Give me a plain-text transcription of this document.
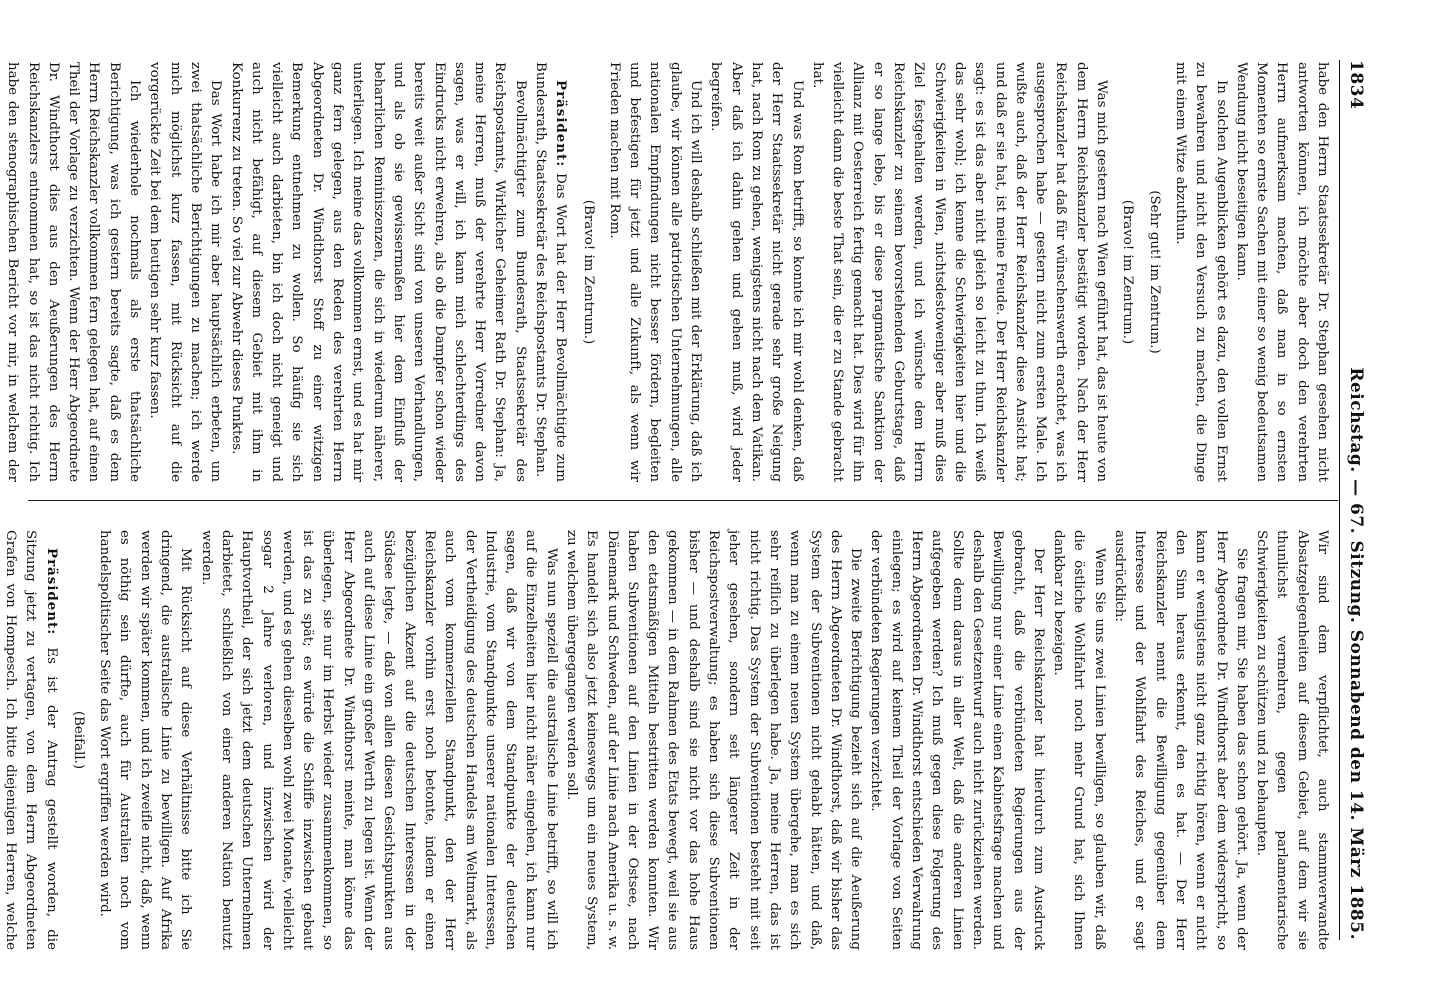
1834
Reichstag. — 67. Sitzung. Sonnabend den 14. März 1885.

habe den Herrn Staatssekretär Dr. Stephan gesehen nicht antworten können, ich möchte aber doch den verehrten Herrn aufmerksam machen, daß man in so ernsten Momenten so ernste Sachen mit einer so wenig bedeutsamen Wendung nicht beseitigen kann.

In solchen Augenblicken gehört es dazu, den vollen Ernst zu bewahren und nicht den Versuch zu machen, die Dinge mit einem Witze abzuthun.

(Sehr gut! im Zentrum.)

(Bravo! im Zentrum.)

Was mich gestern nach Wien geführt hat, das ist heute von dem Herrn Reichskanzler bestätigt worden. Nach der Herr Reichskanzler hat daß für wünschenswerth erachtet, was ich ausgesprochen habe — gestern nicht zum ersten Male. Ich wußte auch, daß der Herr Reichskanzler diese Ansicht hat; und daß er sie hat, ist meine Freude. Der Herr Reichskanzler sagt: es ist das aber nicht gleich so leicht zu thun. Ich weiß das sehr wohl; ich kenne die Schwierigkeiten hier und die Schwierigkeiten in Wien, nichtsdestoweniger aber muß dies Ziel festgehalten werden, und ich wünsche dem Herrn Reichskanzler zu seinem bevorstehenden Geburtstage, daß er so lange lebe, bis er diese pragmatische Sanktion der Allianz mit Oesterreich fertig gemacht hat. Dies wird für ihn vielleicht dann die beste That sein, die er zu Stande gebracht hat.

Und was Rom betrifft, so konnte ich mir wohl denken, daß der Herr Staatssekretär nicht gerade sehr große Neigung hat, nach Rom zu gehen, wenigstens nicht nach dem Vatikan. Aber daß ich dahin gehen und gehen muß, wird jeder begreifen.

Und ich will deshalb schließen mit der Erklärung, daß ich glaube, wir können alle patriotischen Unternehmungen, alle nationalen Empfindungen nicht besser fördern, begleiten und befestigen für jetzt und alle Zukunft, als wenn wir Frieden machen mit Rom.

(Bravo! im Zentrum.)

Präsident: Das Wort hat der Herr Bevollmächtigte zum Bundesrath, Staatssekretär des Reichspostamts Dr. Stephan.

Bevollmächtigter zum Bundesrath, Staatssekretär des Reichspostamts, Wirklicher Geheimer Rath Dr. Stephan: Ja, meine Herren, muß der verehrte Herr Vorredner davon sagen, was er will, ich kann mich schlechterdings des Eindrucks nicht erwehren, als ob die Dampfer schon wieder bereits weit außer Sicht sind von unseren Verhandlungen, und als ob sie gewissermaßen hier dem Einfluß der beharrlichen Reminiszenzen, die sich in wiederum näherer, unterliegen. Ich meine das vollkommen ernst, und es hat mir ganz fern gelegen, aus den Reden des verehrten Herrn Abgeordneten Dr. Windthorst Stoff zu einer witzigen Bemerkung entnehmen zu wollen. So häufig sie sich vielleicht auch darbieten, bin ich doch nicht geneigt und auch nicht befähigt, auf diesem Gebiet mit ihm in Konkurrenz zu treten. So viel zur Abwehr dieses Punktes.

Das Wort habe ich mir aber hauptsächlich erbeten, um zwei thatsächliche Berichtigungen zu machen; ich werde mich möglichst kurz fassen, mit Rücksicht auf die vorgerückte Zeit bei dem heutigen sehr kurz fassen.

Ich wiederhole nochmals als erste thatsächliche Berichtigung, was ich gestern bereits sagte, daß es dem Herrn Reichskanzler vollkommen fern gelegen hat, auf einen Theil der Vorlage zu verzichten. Wenn der Herr Abgeordnete Dr. Windthorst dies aus den Aeußerungen des Herrn Reichskanzlers entnommen hat, so ist das nicht richtig. Ich habe den stenographischen Bericht vor mir, in welchem der

Wir sind dem verpflichtet, auch stammverwandte Absatzgelegenheiten auf diesem Gebiet, auf dem wir sie thunlichst vermehren, gegen parlamentarische Schwierigkeiten zu schützen und zu behaupten.

Sie fragen mir, Sie haben das schon gehört. Ja, wenn der Herr Abgeordnete Dr. Windthorst aber dem widerspricht, so kann er wenigstens nicht ganz richtig hören, wenn er nicht den Sinn heraus erkennt, den es hat. — Der Herr Reichskanzler nennt die Bewilligung gegenüber dem Interesse und der Wohlfahrt des Reiches, und er sagt ausdrücklich:

Wenn Sie uns zwei Linien bewilligen, so glauben wir, daß die östliche Wohlfahrt noch mehr Grund hat, sich Ihnen dankbar zu bezeigen.

Der Herr Reichskanzler hat hierdurch zum Ausdruck gebracht, daß die verbündeten Regierungen aus der Bewilligung nur einer Linie einen Kabinetsfrage machen und deshalb den Gesetzentwurf auch nicht zurückziehen werden. Sollte denn daraus in aller Welt, daß die anderen Linien aufgegeben werden? Ich muß gegen diese Folgerung des Herrn Abgeordneten Dr. Windthorst entschieden Verwahrung einlegen; es wird auf keinem Theil der Vorlage von Seiten der verbündeten Regierungen verzichtet.

Die zweite Berichtigung bezieht sich auf die Aeußerung des Herrn Abgeordneten Dr. Windthorst, daß wir bisher das System der Subventionen nicht gehabt hätten, und daß, wenn man zu einem neuen System übergehe, man es sich sehr reiflich zu überlegen habe. Ja, meine Herren, das ist nicht richtig. Das System der Subventionen besteht mit seit jeher gesehen, sondern seit längerer Zeit in der Reichspostverwaltung; es haben sich diese Subventionen bisher — und deshalb sind sie nicht vor das hohe Haus gekommen — in dem Rahmen des Etats bewegt, weil sie aus den etatsmäßigen Mitteln bestritten werden konnten. Wir haben Subventionen auf den Linien in der Ostsee, nach Dänemark und Schweden, auf der Linie nach Amerika u. s. w. Es handelt sich also jetzt keineswegs um ein neues System, zu welchem übergegangen werden soll.

Was nun speziell die australische Linie betrifft, so will ich auf die Einzelheiten hier nicht näher eingehen, ich kann nur sagen, daß wir von dem Standpunkte der deutschen Industrie, vom Standpunkte unserer nationalen Interessen, der Vertheidigung des deutschen Handels am Weltmarkt, als auch vom kommerziellen Standpunkt, den der Herr Reichskanzler vorhin erst noch betonte, indem er einen bezüglichen Akzent auf die deutschen Interessen in der Südsee legte, — daß von allen diesen Gesichtspunkten aus auch auf diese Linie ein großer Werth zu legen ist. Wenn der Herr Abgeordnete Dr. Windthorst meinte, man könne das überlegen, sie nur im Herbst wieder zusammenkommen, so ist das zu spät; es würde die Schiffe inzwischen gebaut werden, und es gehen dieselben wohl zwei Monate, vielleicht sogar 2 Jahre verloren, und inzwischen wird der Hauptvortheil, der sich jetzt dem deutschen Unternehmen darbietet, schließlich von einer anderen Nation benutzt werden.

Mit Rücksicht auf diese Verhältnisse bitte ich Sie dringend, die australische Linie zu bewilligen. Auf Afrika werden wir später kommen, und ich zweifle nicht, daß, wenn es nöthig sein dürfte, auch für Australien noch vom handelspolitischer Seite das Wort ergriffen werden wird.

(Beifall.)

Präsident: Es ist der Antrag gestellt worden, die Sitzung jetzt zu vertagen, von dem Herrn Abgeordneten Grafen von Hompesch. Ich bitte diejenigen Herren, welche
